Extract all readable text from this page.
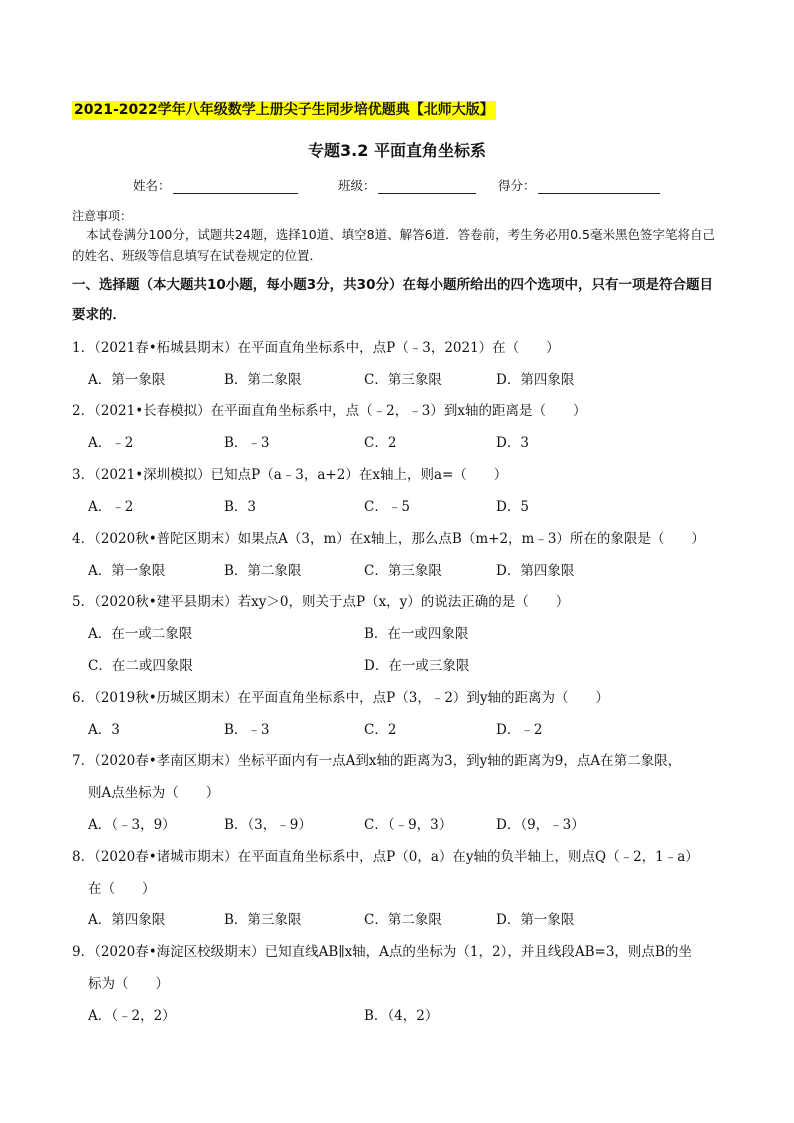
2021-2022学年八年级数学上册尖子生同步培优题典【北师大版】
专题3.2 平面直角坐标系
姓名：	班级：	得分：
注意事项：
本试卷满分100分，试题共24题，选择10道、填空8道、解答6道．答卷前，考生务必用0.5毫米黑色签字笔将自己的姓名、班级等信息填写在试卷规定的位置．
一、选择题（本大题共10小题，每小题3分，共30分）在每小题所给出的四个选项中，只有一项是符合题目要求的．
1．（2021春•柘城县期末）在平面直角坐标系中，点P（﹣3，2021）在（　　）
A．第一象限	B．第二象限	C．第三象限	D．第四象限
2．（2021•长春模拟）在平面直角坐标系中，点（﹣2，﹣3）到x轴的距离是（　　）
A．﹣2	B．﹣3	C．2	D．3
3．（2021•深圳模拟）已知点P（a﹣3，a+2）在x轴上，则a=（　　）
A．﹣2	B．3	C．﹣5	D．5
4．（2020秋•普陀区期末）如果点A（3，m）在x轴上，那么点B（m+2，m﹣3）所在的象限是（　　）
A．第一象限	B．第二象限	C．第三象限	D．第四象限
5．（2020秋•建平县期末）若xy＞0，则关于点P（x，y）的说法正确的是（　　）
A．在一或二象限	B．在一或四象限
C．在二或四象限	D．在一或三象限
6．（2019秋•历城区期末）在平面直角坐标系中，点P（3，﹣2）到y轴的距离为（　　）
A．3	B．﹣3	C．2	D．﹣2
7．（2020春•孝南区期末）坐标平面内有一点A到x轴的距离为3，到y轴的距离为9，点A在第二象限，
则A点坐标为（　　）
A．（﹣3，9）	B．（3，﹣9）	C．（﹣9，3）	D．（9，﹣3）
8．（2020春•诸城市期末）在平面直角坐标系中，点P（0，a）在y轴的负半轴上，则点Q（﹣2，1﹣a）
在（　　）
A．第四象限	B．第三象限	C．第二象限	D．第一象限
9．（2020春•海淀区校级期末）已知直线AB∥x轴，A点的坐标为（1，2），并且线段AB=3，则点B的坐
标为（　　）
A．（﹣2，2）	B．（4，2）
